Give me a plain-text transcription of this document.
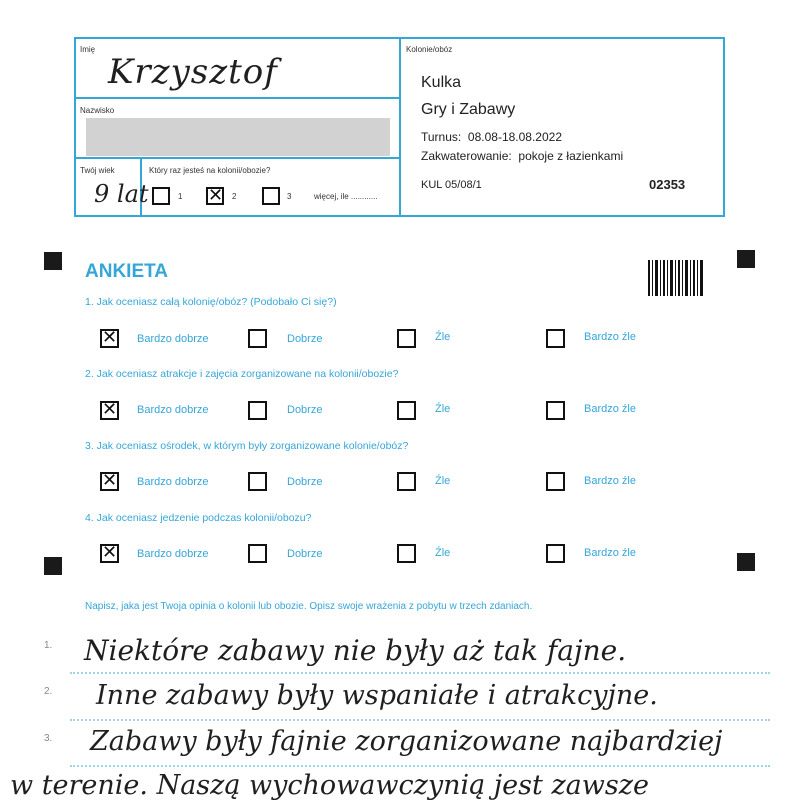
Imię
Krzysztof
Nazwisko
Twój wiek
9 lat
Który raz jesteś na kolonii/obozie?
1 ✕ 2	3	więcej, ile ............
Kolonie/obóz
Kulka
Gry i Zabawy
Turnus: 08.08-18.08.2022
Zakwaterowanie: pokoje z łazienkami
KUL 05/08/1	02353
ANKIETA
1. Jak oceniasz całą kolonię/obóz? (Podobało Ci się?)
✕ Bardzo dobrze	Dobrze	Źle	Bardzo źle
2. Jak oceniasz atrakcje i zajęcia zorganizowane na kolonii/obozie?
✕ Bardzo dobrze	Dobrze	Źle	Bardzo źle
3. Jak oceniasz ośrodek, w którym były zorganizowane kolonie/obóz?
✕ Bardzo dobrze	Dobrze	Źle	Bardzo źle
4. Jak oceniasz jedzenie podczas kolonii/obozu?
✕ Bardzo dobrze	Dobrze	Źle	Bardzo źle
Napisz, jaka jest Twoja opinia o kolonii lub obozie. Opisz swoje wrażenia z pobytu w trzech zdaniach.
1.
2.
3.
Niektóre zabawy nie były aż tak fajne.
Inne zabawy były wspaniałe i atrakcyjne.
Zabawy były fajnie zorganizowane najbardziej
w terenie. Naszą wychowawczynią jest zawsze
